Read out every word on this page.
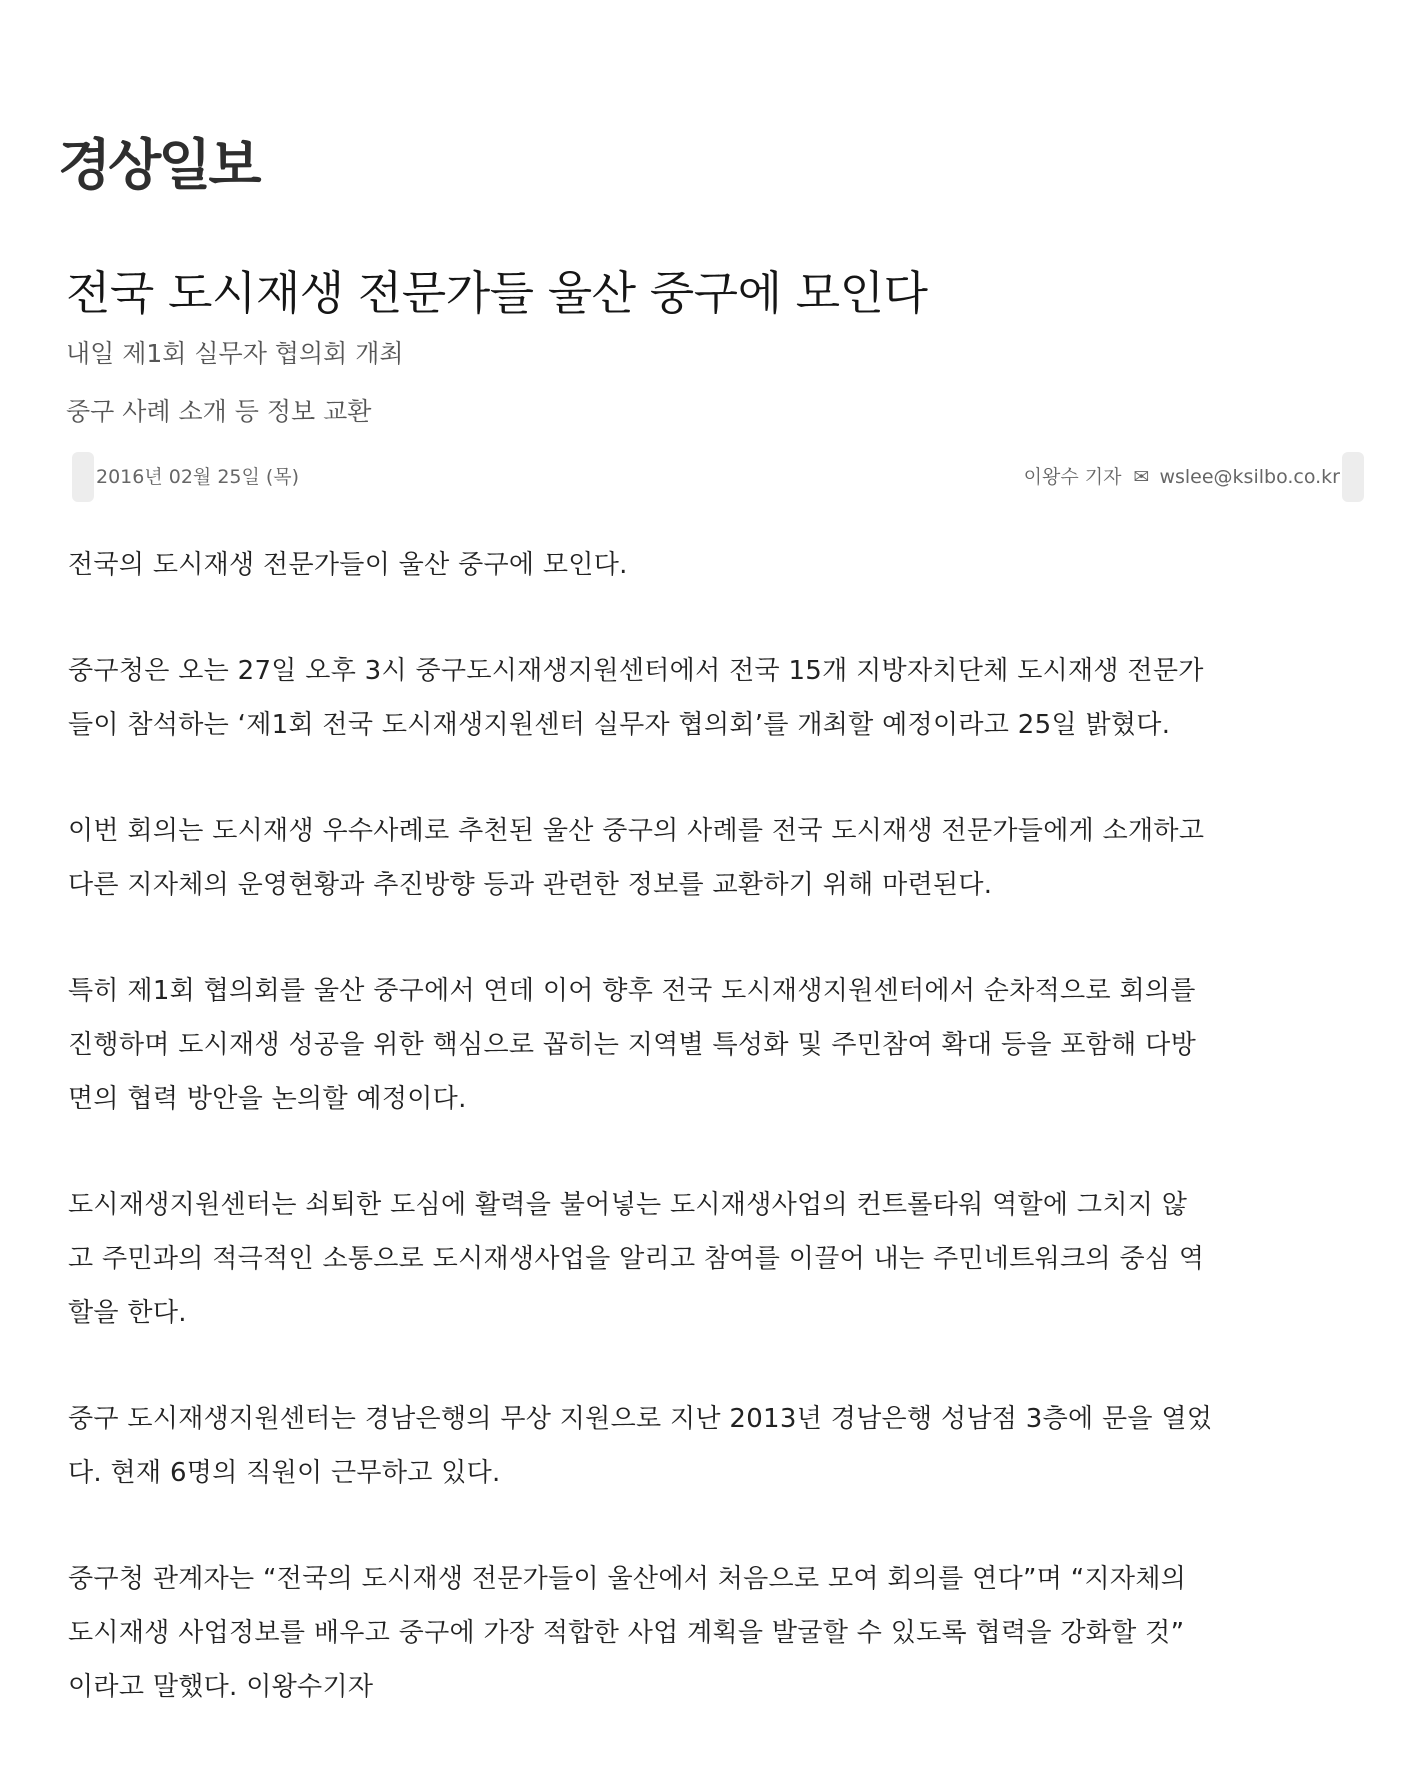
경상일보
전국 도시재생 전문가들 울산 중구에 모인다
내일 제1회 실무자 협의회 개최
중구 사례 소개 등 정보 교환
2016년 02월 25일 (목)	이왕수 기자 ✉ wslee@ksilbo.co.kr

전국의 도시재생 전문가들이 울산 중구에 모인다.

중구청은 오는 27일 오후 3시 중구도시재생지원센터에서 전국 15개 지방자치단체 도시재생 전문가
들이 참석하는 ‘제1회 전국 도시재생지원센터 실무자 협의회’를 개최할 예정이라고 25일 밝혔다.

이번 회의는 도시재생 우수사례로 추천된 울산 중구의 사례를 전국 도시재생 전문가들에게 소개하고
다른 지자체의 운영현황과 추진방향 등과 관련한 정보를 교환하기 위해 마련된다.

특히 제1회 협의회를 울산 중구에서 연데 이어 향후 전국 도시재생지원센터에서 순차적으로 회의를
진행하며 도시재생 성공을 위한 핵심으로 꼽히는 지역별 특성화 및 주민참여 확대 등을 포함해 다방
면의 협력 방안을 논의할 예정이다.

도시재생지원센터는 쇠퇴한 도심에 활력을 불어넣는 도시재생사업의 컨트롤타워 역할에 그치지 않
고 주민과의 적극적인 소통으로 도시재생사업을 알리고 참여를 이끌어 내는 주민네트워크의 중심 역
할을 한다.

중구 도시재생지원센터는 경남은행의 무상 지원으로 지난 2013년 경남은행 성남점 3층에 문을 열었
다. 현재 6명의 직원이 근무하고 있다.

중구청 관계자는 “전국의 도시재생 전문가들이 울산에서 처음으로 모여 회의를 연다”며 “지자체의
도시재생 사업정보를 배우고 중구에 가장 적합한 사업 계획을 발굴할 수 있도록 협력을 강화할 것”
이라고 말했다. 이왕수기자
